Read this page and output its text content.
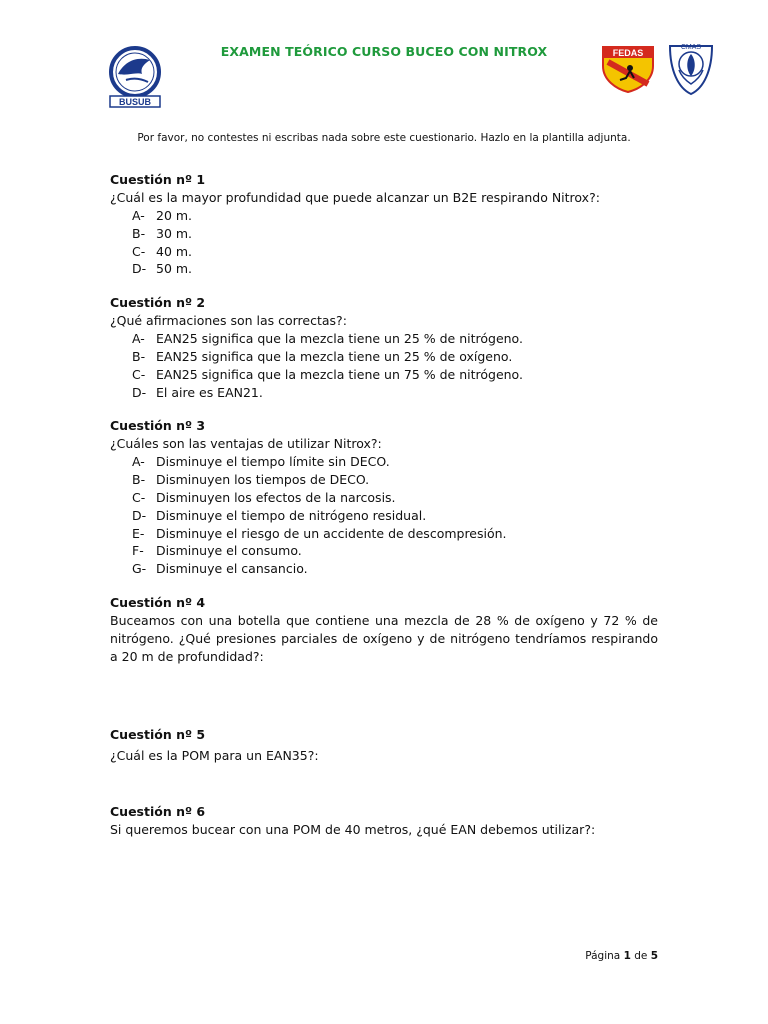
BUSUB
EXAMEN TEÓRICO CURSO BUCEO CON NITROX	FEDAS
CMAS
Por favor, no contestes ni escribas nada sobre este cuestionario. Hazlo en la plantilla adjunta.
Cuestión nº 1
¿Cuál es la mayor profundidad que puede alcanzar un B2E respirando Nitrox?:
A- 20 m.
B- 30 m.
C- 40 m.
D- 50 m.
Cuestión nº 2
¿Qué afirmaciones son las correctas?:
A- EAN25 significa que la mezcla tiene un 25 % de nitrógeno.
B- EAN25 significa que la mezcla tiene un 25 % de oxígeno.
C- EAN25 significa que la mezcla tiene un 75 % de nitrógeno.
D- El aire es EAN21.
Cuestión nº 3
¿Cuáles son las ventajas de utilizar Nitrox?:
A- Disminuye el tiempo límite sin DECO.
B- Disminuyen los tiempos de DECO.
C- Disminuyen los efectos de la narcosis.
D- Disminuye el tiempo de nitrógeno residual.
E- Disminuye el riesgo de un accidente de descompresión.
F- Disminuye el consumo.
G- Disminuye el cansancio.
Cuestión nº 4
Buceamos con una botella que contiene una mezcla de 28 % de oxígeno y 72 % de nitrógeno. ¿Qué presiones parciales de oxígeno y de nitrógeno tendríamos respirando a 20 m de profundidad?:
Cuestión nº 5
¿Cuál es la POM para un EAN35?:
Cuestión nº 6
Si queremos bucear con una POM de 40 metros, ¿qué EAN debemos utilizar?:
Página 1 de 5
